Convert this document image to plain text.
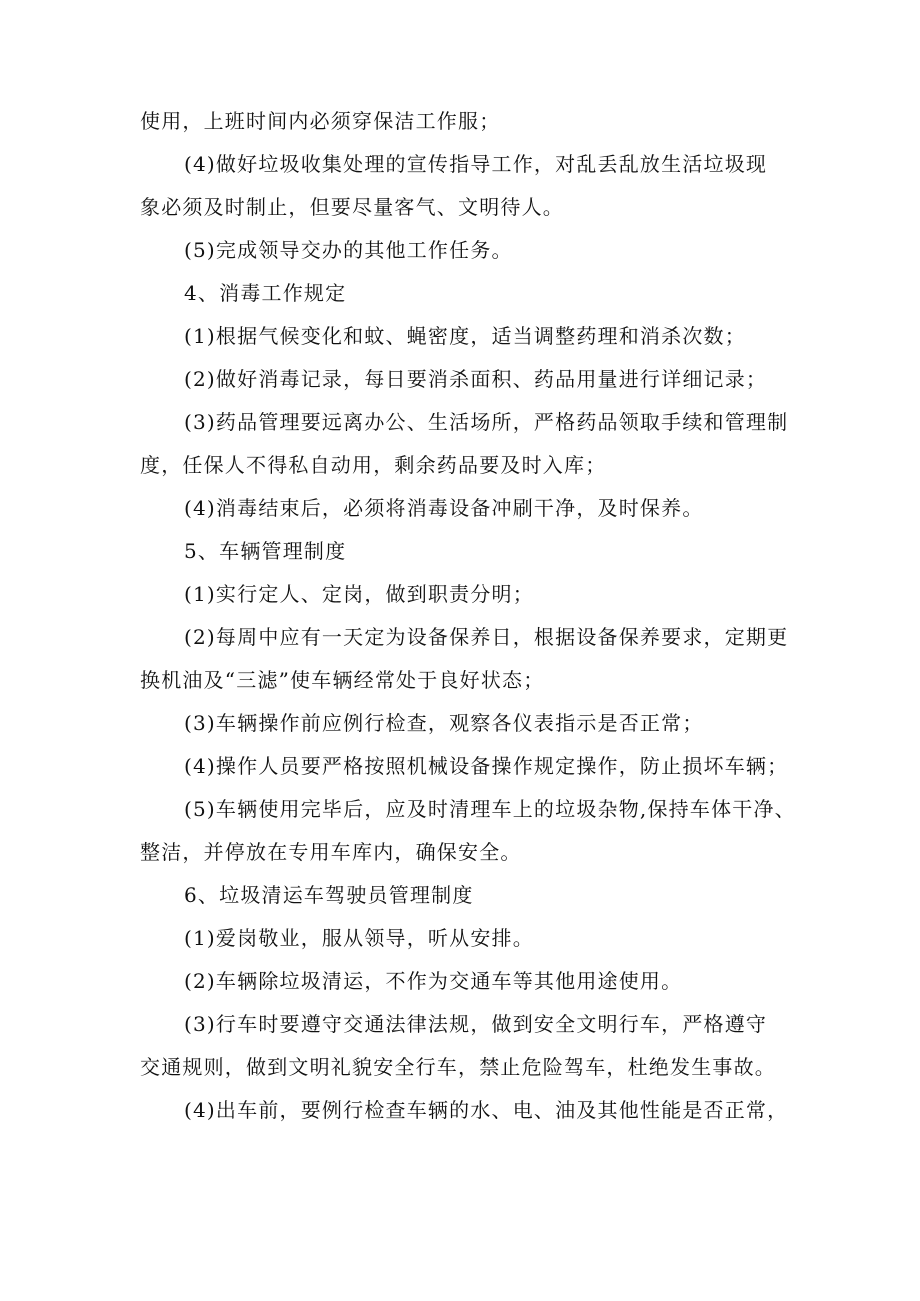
使用，上班时间内必须穿保洁工作服；
(4)做好垃圾收集处理的宣传指导工作，对乱丢乱放生活垃圾现
象必须及时制止，但要尽量客气、文明待人。
(5)完成领导交办的其他工作任务。
4、消毒工作规定
(1)根据气候变化和蚊、蝇密度，适当调整药理和消杀次数；
(2)做好消毒记录，每日要消杀面积、药品用量进行详细记录；
(3)药品管理要远离办公、生活场所，严格药品领取手续和管理制
度，任保人不得私自动用，剩余药品要及时入库；
(4)消毒结束后，必须将消毒设备冲刷干净，及时保养。
5、车辆管理制度
(1)实行定人、定岗，做到职责分明；
(2)每周中应有一天定为设备保养日，根据设备保养要求，定期更
换机油及“三滤”使车辆经常处于良好状态；
(3)车辆操作前应例行检查，观察各仪表指示是否正常；
(4)操作人员要严格按照机械设备操作规定操作，防止损坏车辆；
(5)车辆使用完毕后，应及时清理车上的垃圾杂物,保持车体干净、
整洁，并停放在专用车库内，确保安全。
6、垃圾清运车驾驶员管理制度
(1)爱岗敬业，服从领导，听从安排。
(2)车辆除垃圾清运，不作为交通车等其他用途使用。
(3)行车时要遵守交通法律法规，做到安全文明行车，严格遵守
交通规则，做到文明礼貌安全行车，禁止危险驾车，杜绝发生事故。
(4)出车前，要例行检查车辆的水、电、油及其他性能是否正常，
